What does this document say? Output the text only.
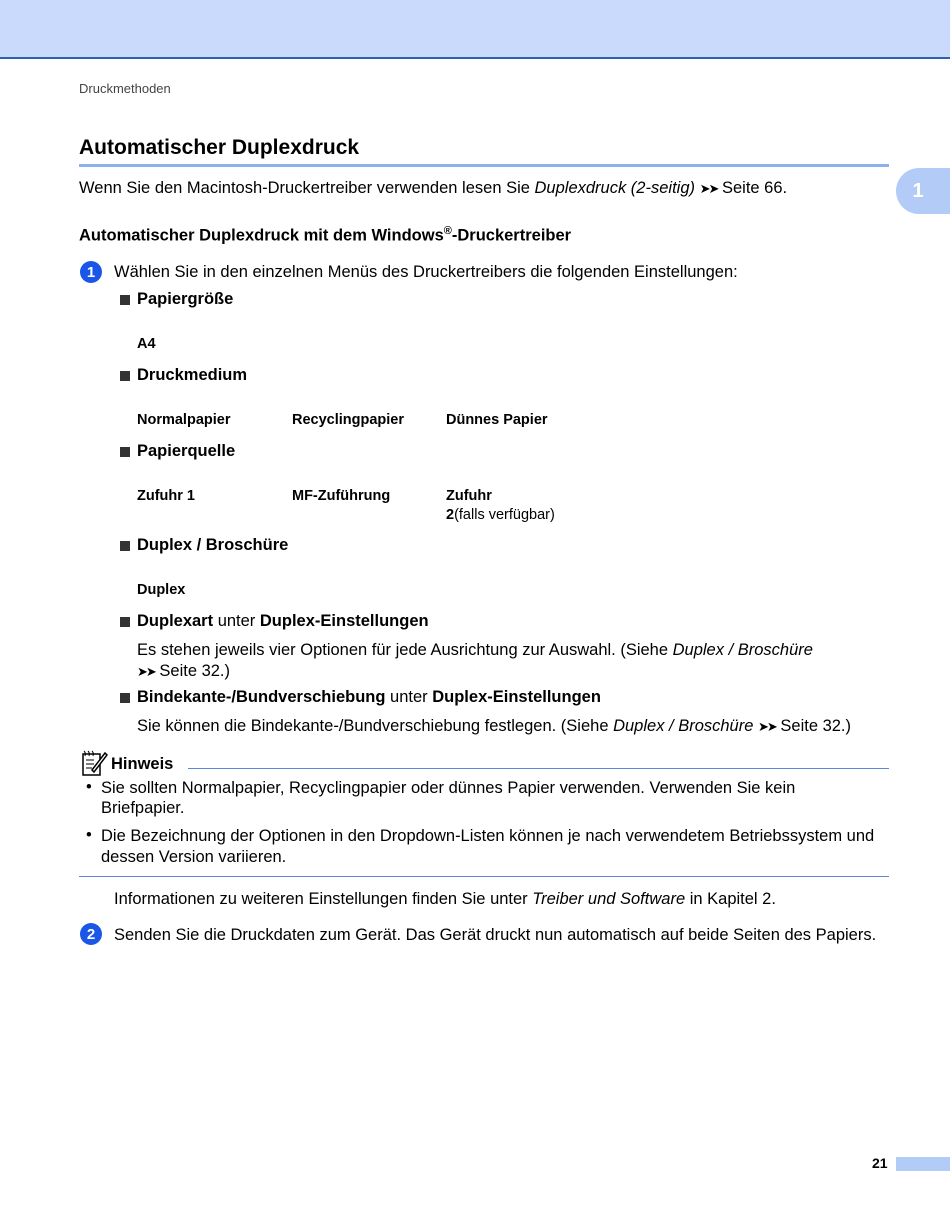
Druckmethoden
1
Automatischer Duplexdruck
Wenn Sie den Macintosh-Druckertreiber verwenden lesen Sie Duplexdruck (2-seitig) ➤➤ Seite 66.
Automatischer Duplexdruck mit dem Windows®-Druckertreiber
1	Wählen Sie in den einzelnen Menüs des Druckertreibers die folgenden Einstellungen:
Papiergröße
A4
Druckmedium
Normalpapier	Recyclingpapier	Dünnes Papier
Papierquelle
Zufuhr 1	MF-Zuführung	Zufuhr
2(falls verfügbar)
Duplex / Broschüre
Duplex
Duplexart unter Duplex-Einstellungen
Es stehen jeweils vier Optionen für jede Ausrichtung zur Auswahl. (Siehe Duplex / Broschüre
➤➤ Seite 32.)
Bindekante-/Bundverschiebung unter Duplex-Einstellungen
Sie können die Bindekante-/Bundverschiebung festlegen. (Siehe Duplex / Broschüre ➤➤ Seite 32.)
Hinweis
• Sie sollten Normalpapier, Recyclingpapier oder dünnes Papier verwenden. Verwenden Sie kein
Briefpapier.
• Die Bezeichnung der Optionen in den Dropdown-Listen können je nach verwendetem Betriebssystem und
dessen Version variieren.
Informationen zu weiteren Einstellungen finden Sie unter Treiber und Software in Kapitel 2.
2	Senden Sie die Druckdaten zum Gerät. Das Gerät druckt nun automatisch auf beide Seiten des Papiers.
21
